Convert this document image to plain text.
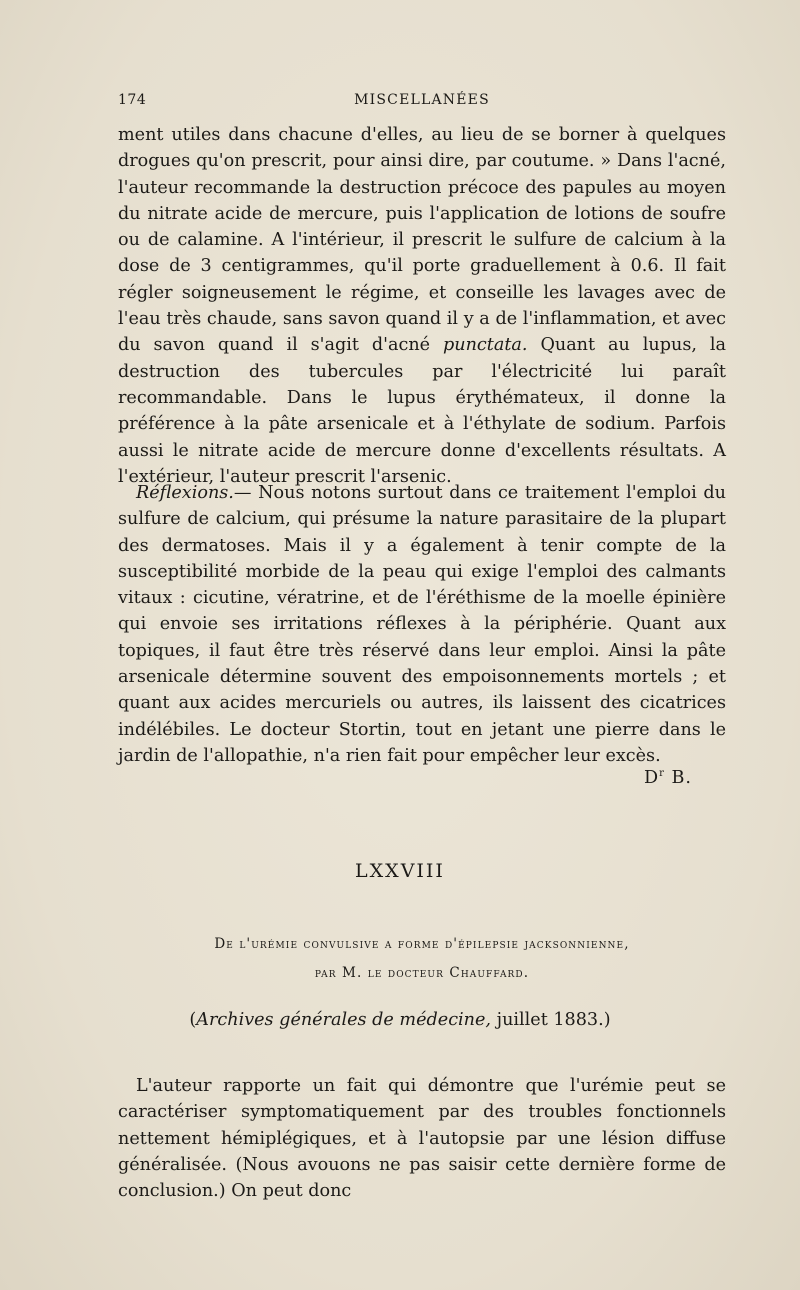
174	MISCELLANÉES

ment utiles dans chacune d'elles, au lieu de se borner à quelques drogues qu'on prescrit, pour ainsi dire, par coutume. » Dans l'acné, l'auteur recommande la destruction précoce des papules au moyen du nitrate acide de mercure, puis l'application de lotions de soufre ou de calamine. A l'intérieur, il prescrit le sulfure de calcium à la dose de 3 centigrammes, qu'il porte graduellement à 0.6. Il fait régler soigneusement le régime, et conseille les lavages avec de l'eau très chaude, sans savon quand il y a de l'inflammation, et avec du savon quand il s'agit d'acné punctata. Quant au lupus, la destruction des tubercules par l'électricité lui paraît recommandable. Dans le lupus érythémateux, il donne la préférence à la pâte arsenicale et à l'éthylate de sodium. Parfois aussi le nitrate acide de mercure donne d'excellents résultats. A l'extérieur, l'auteur prescrit l'arsenic.

Réflexions.— Nous notons surtout dans ce traitement l'emploi du sulfure de calcium, qui présume la nature parasitaire de la plupart des dermatoses. Mais il y a également à tenir compte de la susceptibilité morbide de la peau qui exige l'emploi des calmants vitaux : cicutine, vératrine, et de l'éréthisme de la moelle épinière qui envoie ses irritations réflexes à la périphérie. Quant aux topiques, il faut être très réservé dans leur emploi. Ainsi la pâte arsenicale détermine souvent des empoisonnements mortels ; et quant aux acides mercuriels ou autres, ils laissent des cicatrices indélébiles. Le docteur Stortin, tout en jetant une pierre dans le jardin de l'allopathie, n'a rien fait pour empêcher leur excès.

$D^r$ B.
LXXVIII
De l'urémie convulsive a forme d'épilepsie jacksonnienne,
par M. le docteur Chauffard.
(Archives générales de médecine, juillet 1883.)

L'auteur rapporte un fait qui démontre que l'urémie peut se caractériser symptomatiquement par des troubles fonctionnels nettement hémiplégiques, et à l'autopsie par une lésion diffuse généralisée. (Nous avouons ne pas saisir cette dernière forme de conclusion.) On peut donc
